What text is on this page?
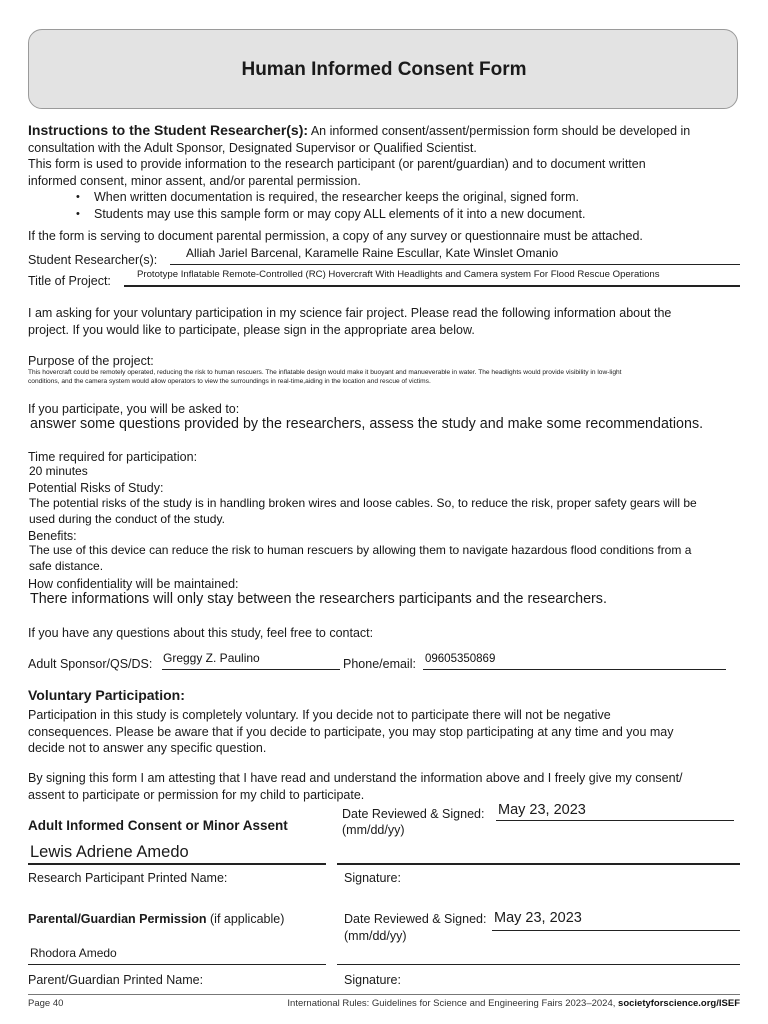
Human Informed Consent Form
Instructions to the Student Researcher(s): An informed consent/assent/permission form should be developed in
consultation with the Adult Sponsor, Designated Supervisor or Qualified Scientist.
This form is used to provide information to the research participant (or parent/guardian) and to document written
informed consent, minor assent, and/or parental permission.
• When written documentation is required, the researcher keeps the original, signed form.
• Students may use this sample form or may copy ALL elements of it into a new document.
If the form is serving to document parental permission, a copy of any survey or questionnaire must be attached.
Student Researcher(s): Alliah Jariel Barcenal, Karamelle Raine Escullar, Kate Winslet Omanio
Title of Project:	Prototype Inflatable Remote-Controlled (RC) Hovercraft With Headlights and Camera system For Flood Rescue Operations
I am asking for your voluntary participation in my science fair project. Please read the following information about the
project. If you would like to participate, please sign in the appropriate area below.
Purpose of the project:
This hovercraft could be remotely operated, reducing the risk to human rescuers. The inflatable design would make it buoyant and manueverable in water. The headlights would provide visibility in low-light
conditions, and the camera system would allow operators to view the surroundings in real-time,aiding in the location and rescue of victims.
If you participate, you will be asked to:
answer some questions provided by the researchers, assess the study and make some recommendations.
Time required for participation:
20 minutes
Potential Risks of Study:
The potential risks of the study is in handling broken wires and loose cables. So, to reduce the risk, proper safety gears will be
used during the conduct of the study.
Benefits:
The use of this device can reduce the risk to human rescuers by allowing them to navigate hazardous flood conditions from a
safe distance.
How confidentiality will be maintained:
There informations will only stay between the researchers participants and the researchers.
If you have any questions about this study, feel free to contact:
Adult Sponsor/QS/DS: Greggy Z. Paulino	Phone/email: 09605350869
Voluntary Participation:
Participation in this study is completely voluntary. If you decide not to participate there will not be negative
consequences. Please be aware that if you decide to participate, you may stop participating at any time and you may
decide not to answer any specific question.
By signing this form I am attesting that I have read and understand the information above and I freely give my consent/
assent to participate or permission for my child to participate.
Adult Informed Consent or Minor Assent
Date Reviewed & Signed:
(mm/dd/yy)
May 23, 2023
Lewis Adriene Amedo
Research Participant Printed Name:	Signature:
Parental/Guardian Permission (if applicable)	Date Reviewed & Signed:
(mm/dd/yy)
May 23, 2023
Rhodora Amedo
Parent/Guardian Printed Name:	Signature:
Page 40	International Rules: Guidelines for Science and Engineering Fairs 2023–2024, societyforscience.org/ISEF
